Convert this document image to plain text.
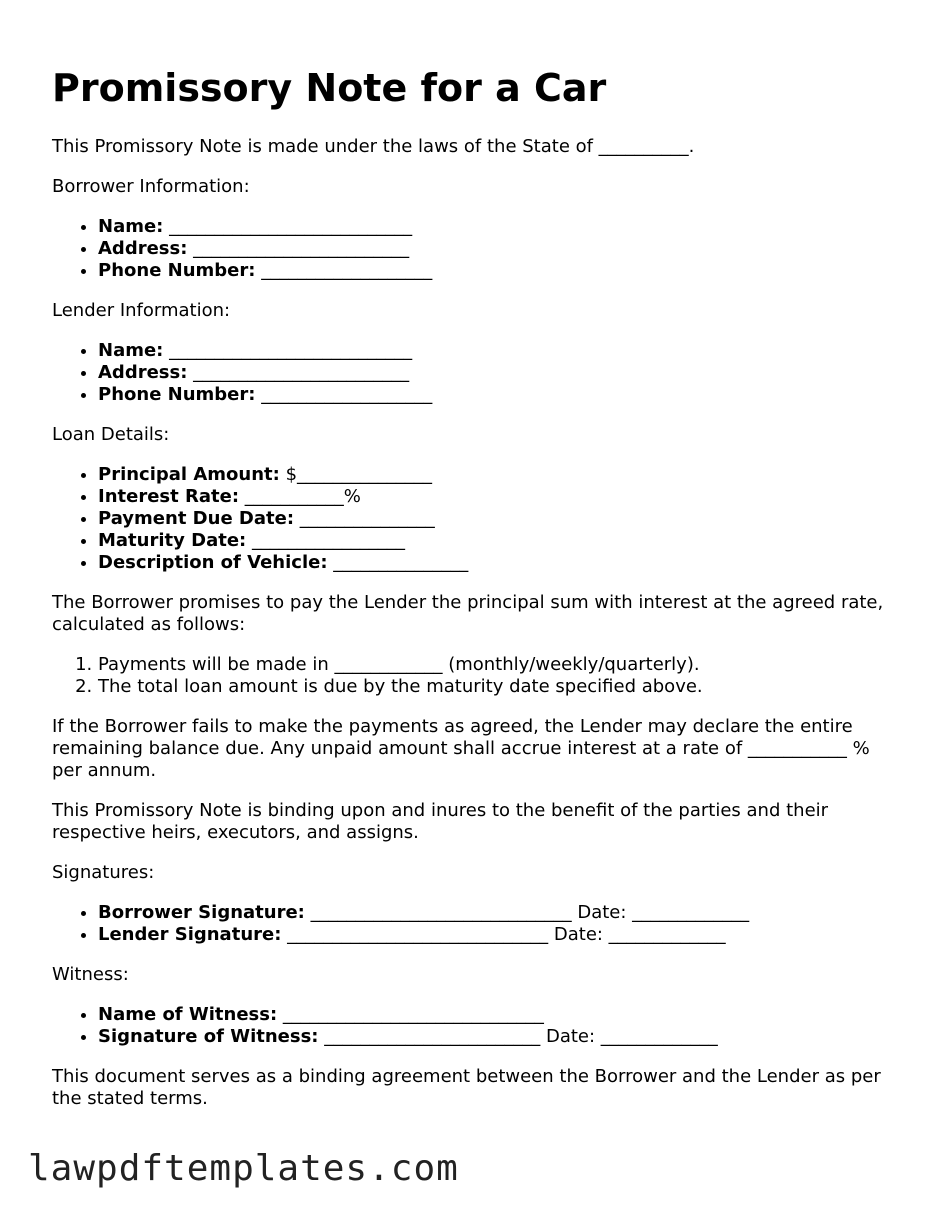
Promissory Note for a Car

This Promissory Note is made under the laws of the State of __________.

Borrower Information:

• Name: ___________________________
• Address: ________________________
• Phone Number: ___________________

Lender Information:

• Name: ___________________________
• Address: ________________________
• Phone Number: ___________________

Loan Details:

• Principal Amount: $_______________
• Interest Rate: ___________%
• Payment Due Date: _______________
• Maturity Date: _________________
• Description of Vehicle: _______________

The Borrower promises to pay the Lender the principal sum with interest at the agreed rate, calculated as follows:

1. Payments will be made in ____________ (monthly/weekly/quarterly).
2. The total loan amount is due by the maturity date specified above.

If the Borrower fails to make the payments as agreed, the Lender may declare the entire remaining balance due. Any unpaid amount shall accrue interest at a rate of ___________ % per annum.

This Promissory Note is binding upon and inures to the benefit of the parties and their respective heirs, executors, and assigns.

Signatures:

• Borrower Signature: _____________________________ Date: _____________
• Lender Signature: _____________________________ Date: _____________

Witness:

• Name of Witness: _____________________________
• Signature of Witness: ________________________ Date: _____________

This document serves as a binding agreement between the Borrower and the Lender as per the stated terms.

lawpdftemplates.com
